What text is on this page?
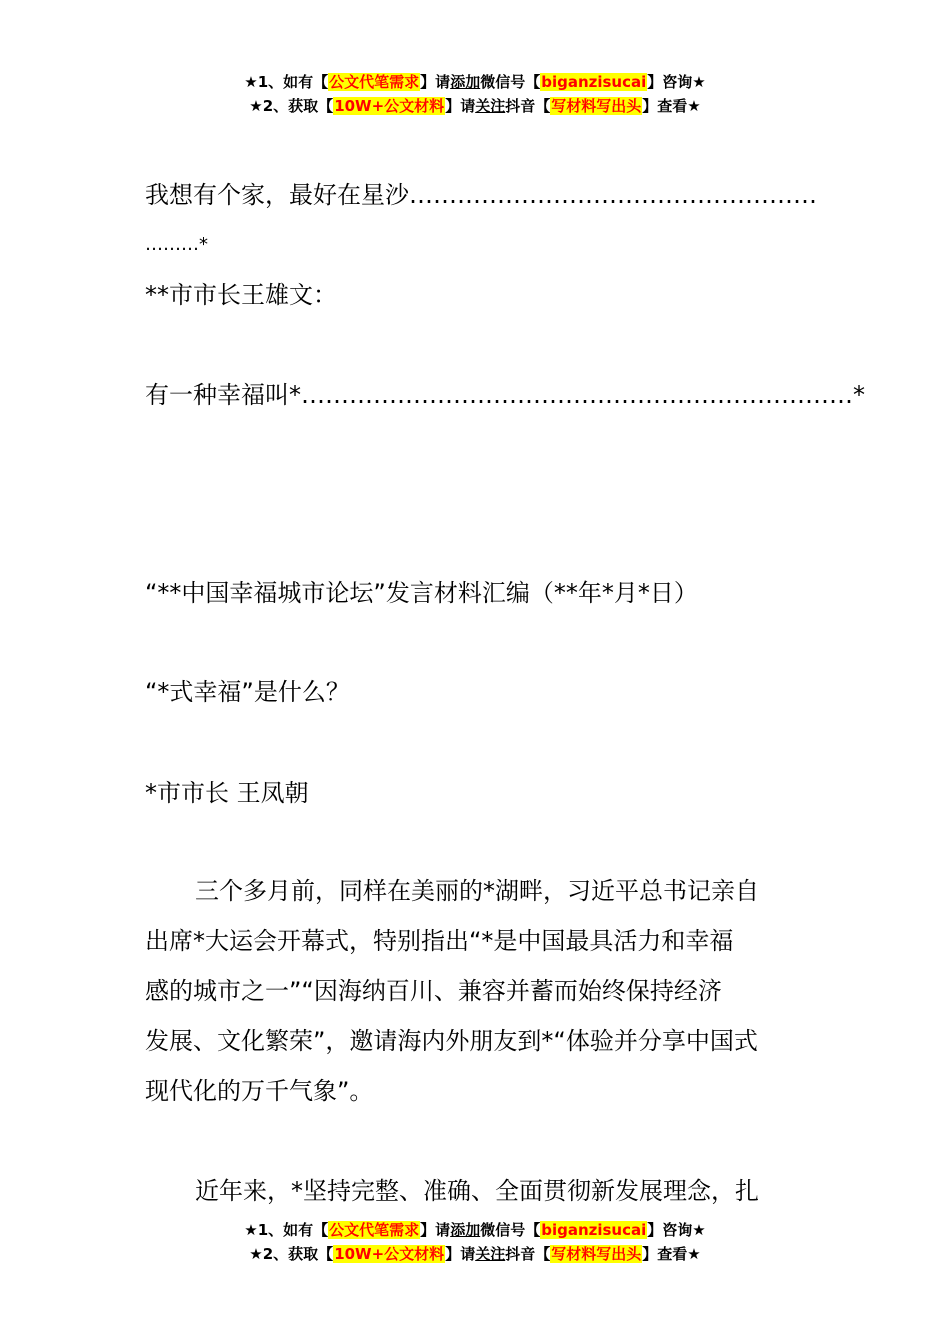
★1、如有【公文代笔需求】请添加微信号【biganzisucai】咨询★
★2、获取【10W+公文材料】请关注抖音【写材料写出头】查看★
我想有个家，最好在星沙……………………………………………
………*
**市市长王雄文：
有一种幸福叫*……………………………………………………………*
“**中国幸福城市论坛”发言材料汇编（**年*月*日）
“*式幸福”是什么？
*市市长 王凤朝
三个多月前，同样在美丽的*湖畔，习近平总书记亲自
出席*大运会开幕式，特别指出“*是中国最具活力和幸福
感的城市之一”“因海纳百川、兼容并蓄而始终保持经济
发展、文化繁荣”，邀请海内外朋友到*“体验并分享中国式
现代化的万千气象”。
近年来，*坚持完整、准确、全面贯彻新发展理念，扎
★1、如有【公文代笔需求】请添加微信号【biganzisucai】咨询★
★2、获取【10W+公文材料】请关注抖音【写材料写出头】查看★
